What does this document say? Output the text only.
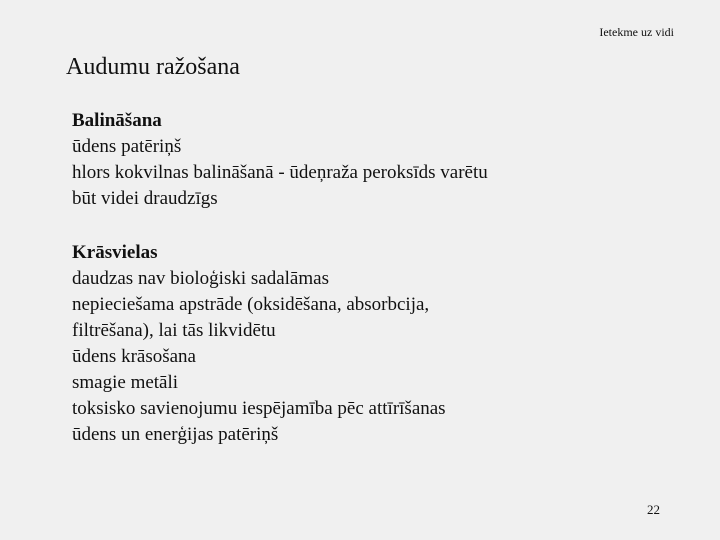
Ietekme uz vidi
Audumu ražošana

Balināšana

ūdens patēriņš

hlors kokvilnas balināšanā - ūdeņraža peroksīds varētu

būt videi draudzīgs

Krāsvielas

daudzas nav bioloģiski sadalāmas

nepieciešama apstrāde (oksidēšana, absorbcija,

filtrēšana), lai tās likvidētu

ūdens krāsošana

smagie metāli

toksisko savienojumu iespējamība pēc attīrīšanas

ūdens un enerģijas patēriņš

22
